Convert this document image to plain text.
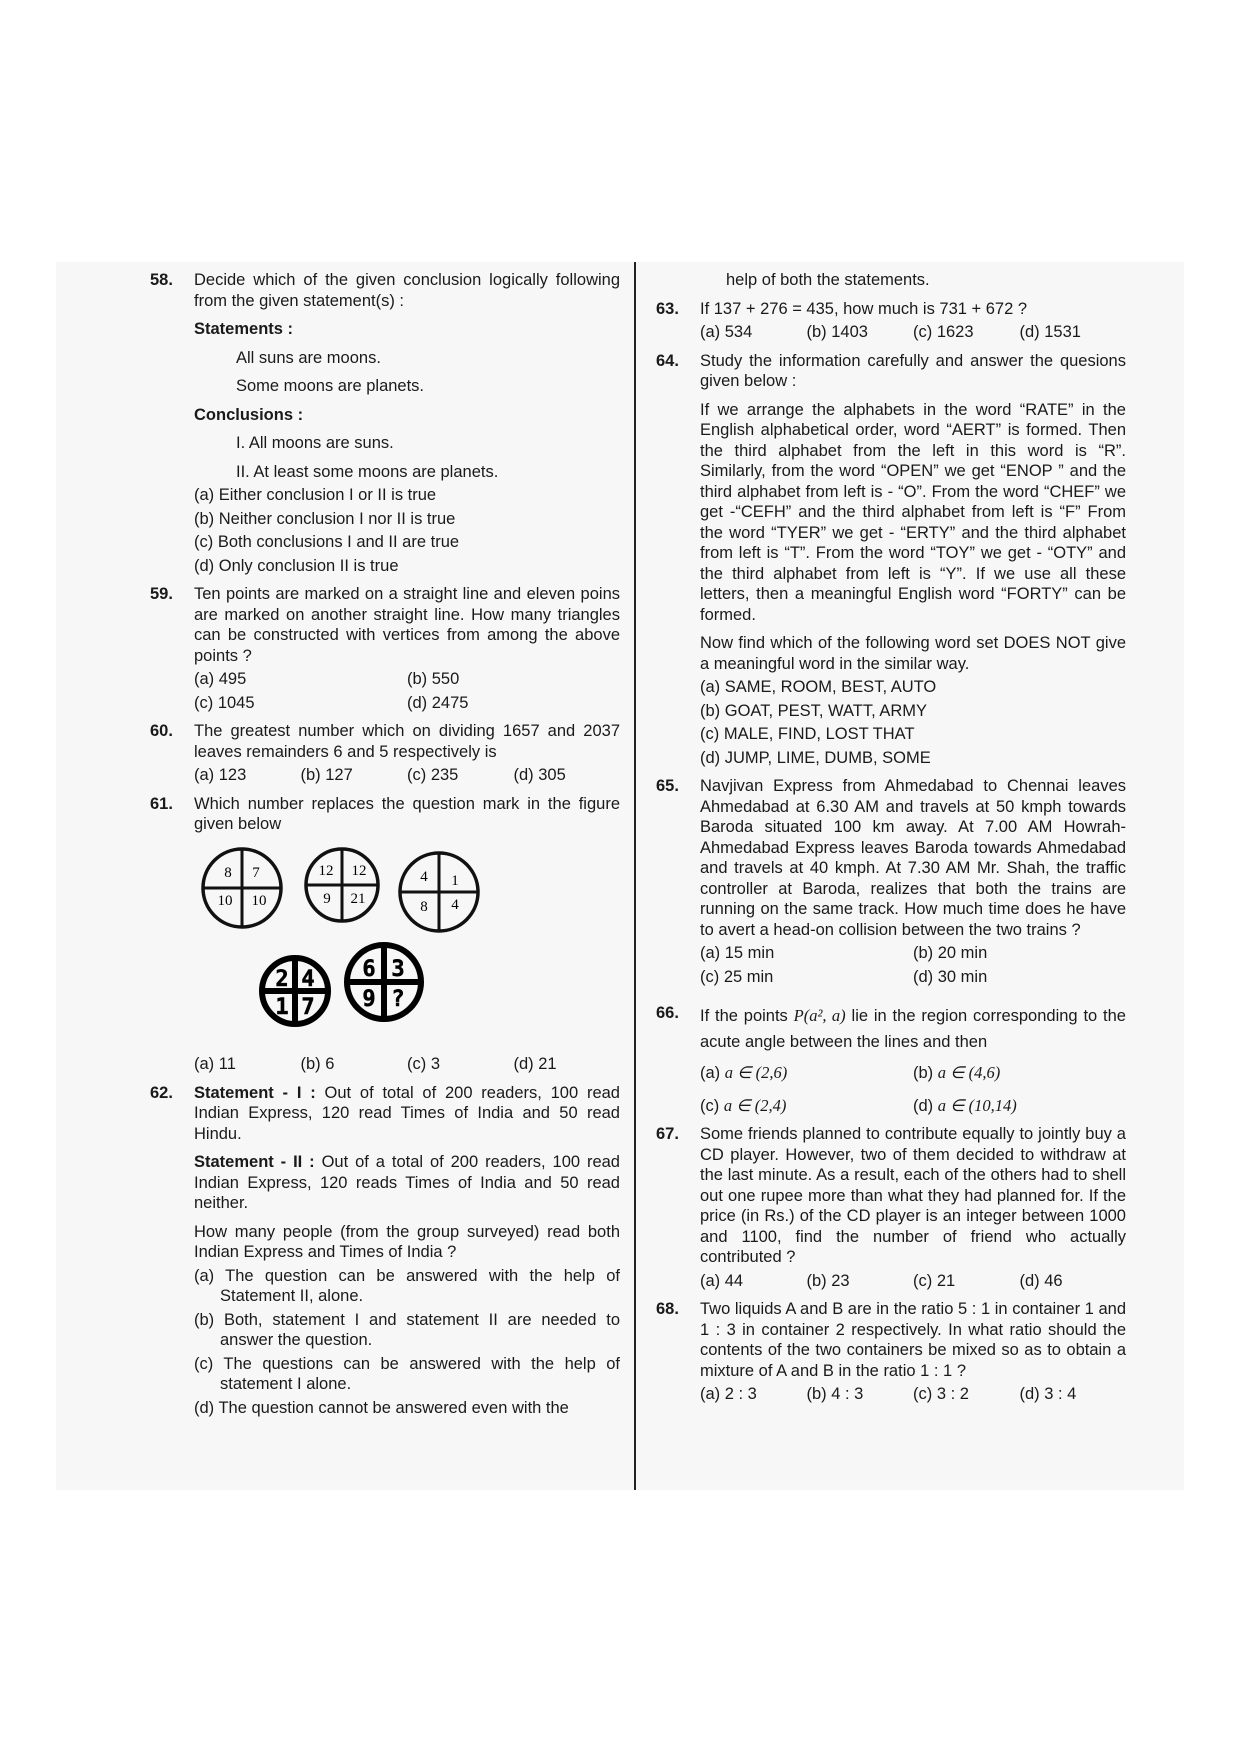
58. Decide which of the given conclusion logically following from the given statement(s) :
Statements :
All suns are moons.
Some moons are planets.
Conclusions :
I. All moons are suns.
II. At least some moons are planets.
(a) Either conclusion I or II is true
(b) Neither conclusion I nor II is true
(c) Both conclusions I and II are true
(d) Only conclusion II is true
59. Ten points are marked on a straight line and eleven poins are marked on another straight line. How many triangles can be constructed with vertices from among the above points ?
(a) 495	(b) 550
(c) 1045	(d) 2475
60. The greatest number which on dividing 1657 and 2037 leaves remainders 6 and 5 respectively is
(a) 123	(b) 127	(c) 235	(d) 305
61. Which number replaces the question mark in the figure given below
8 7
10 10
12 12
9 21
4 1
8 4
2 4
1 7
6 3
9 ?
(a) 11	(b) 6	(c) 3	(d) 21
62. Statement - I : Out of total of 200 readers, 100 read Indian Express, 120 read Times of India and 50 read Hindu.
Statement - II : Out of a total of 200 readers, 100 read Indian Express, 120 reads Times of India and 50 read neither.
How many people (from the group surveyed) read both Indian Express and Times of India ?
(a) The question can be answered with the help of Statement II, alone.
(b) Both, statement I and statement II are needed to answer the question.
(c) The questions can be answered with the help of statement I alone.
(d) The question cannot be answered even with the
help of both the statements.
63. If 137 + 276 = 435, how much is 731 + 672 ?
(a) 534	(b) 1403	(c) 1623	(d) 1531
64. Study the information carefully and answer the quesions given below :
If we arrange the alphabets in the word “RATE” in the English alphabetical order, word “AERT” is formed. Then the third alphabet from the left in this word is “R”. Similarly, from the word “OPEN” we get “ENOP ” and the third alphabet from left is - “O”. From the word “CHEF” we get -“CEFH” and the third alphabet from left is “F” From the word “TYER” we get - “ERTY” and the third alphabet from left is “T”. From the word “TOY” we get - “OTY” and the third alphabet from left is “Y”. If we use all these letters, then a meaningful English word “FORTY” can be formed.
Now find which of the following word set DOES NOT give a meaningful word in the similar way.
(a) SAME, ROOM, BEST, AUTO
(b) GOAT, PEST, WATT, ARMY
(c) MALE, FIND, LOST THAT
(d) JUMP, LIME, DUMB, SOME
65. Navjivan Express from Ahmedabad to Chennai leaves Ahmedabad at 6.30 AM and travels at 50 kmph towards Baroda situated 100 km away. At 7.00 AM Howrah-Ahmedabad Express leaves Baroda towards Ahmedabad and travels at 40 kmph. At 7.30 AM Mr. Shah, the traffic controller at Baroda, realizes that both the trains are running on the same track. How much time does he have to avert a head-on collision between the two trains ?
(a) 15 min	(b) 20 min
(c) 25 min	(d) 30 min
66. If the points P(a², a) lie in the region corresponding to the acute angle between the lines and then
(a) a ∈ (2,6)	(b) a ∈ (4,6)
(c) a ∈ (2,4)	(d) a ∈ (10,14)
67. Some friends planned to contribute equally to jointly buy a CD player. However, two of them decided to withdraw at the last minute. As a result, each of the others had to shell out one rupee more than what they had planned for. If the price (in Rs.) of the CD player is an integer between 1000 and 1100, find the number of friend who actually contributed ?
(a) 44	(b) 23	(c) 21	(d) 46
68. Two liquids A and B are in the ratio 5 : 1 in container 1 and 1 : 3 in container 2 respectively. In what ratio should the contents of the two containers be mixed so as to obtain a mixture of A and B in the ratio 1 : 1 ?
(a) 2 : 3	(b) 4 : 3	(c) 3 : 2	(d) 3 : 4
